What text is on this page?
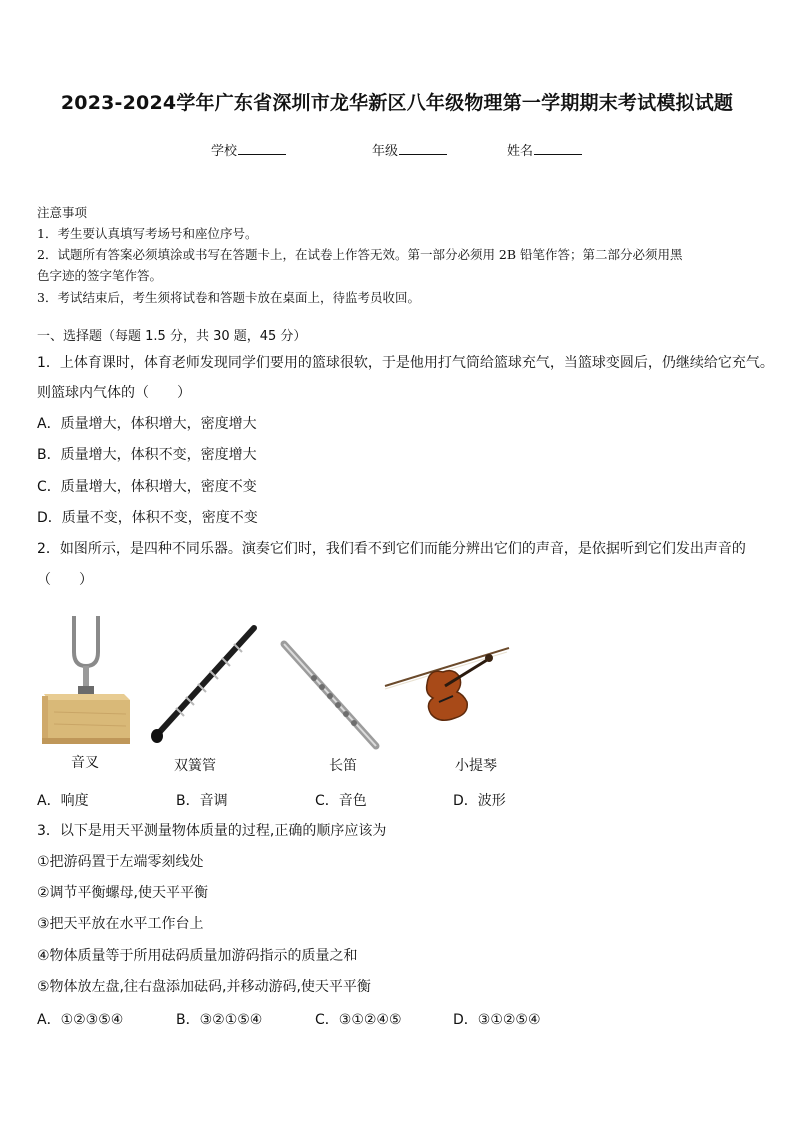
2023-2024学年广东省深圳市龙华新区八年级物理第一学期期末考试模拟试题
学校	年级	姓名
注意事项
1．考生要认真填写考场号和座位序号。
2．试题所有答案必须填涂或书写在答题卡上，在试卷上作答无效。第一部分必须用 2B 铅笔作答；第二部分必须用黑
色字迹的签字笔作答。
3．考试结束后，考生须将试卷和答题卡放在桌面上，待监考员收回。
一、选择题（每题 1.5 分，共 30 题，45 分）
1．上体育课时，体育老师发现同学们要用的篮球很软，于是他用打气筒给篮球充气，当篮球变圆后，仍继续给它充气。
则篮球内气体的（　　）
A．质量增大，体积增大，密度增大
B．质量增大，体积不变，密度增大
C．质量增大，体积增大，密度不变
D．质量不变，体积不变，密度不变
2．如图所示，是四种不同乐器。演奏它们时，我们看不到它们而能分辨出它们的声音，是依据听到它们发出声音的
（　　）
音叉	双簧管	长笛	小提琴
A．响度	B．音调	C．音色	D．波形
3．以下是用天平测量物体质量的过程,正确的顺序应该为
①把游码置于左端零刻线处
②调节平衡螺母,使天平平衡
③把天平放在水平工作台上
④物体质量等于所用砝码质量加游码指示的质量之和
⑤物体放左盘,往右盘添加砝码,并移动游码,使天平平衡
A．①②③⑤④	B．③②①⑤④	C．③①②④⑤	D．③①②⑤④
